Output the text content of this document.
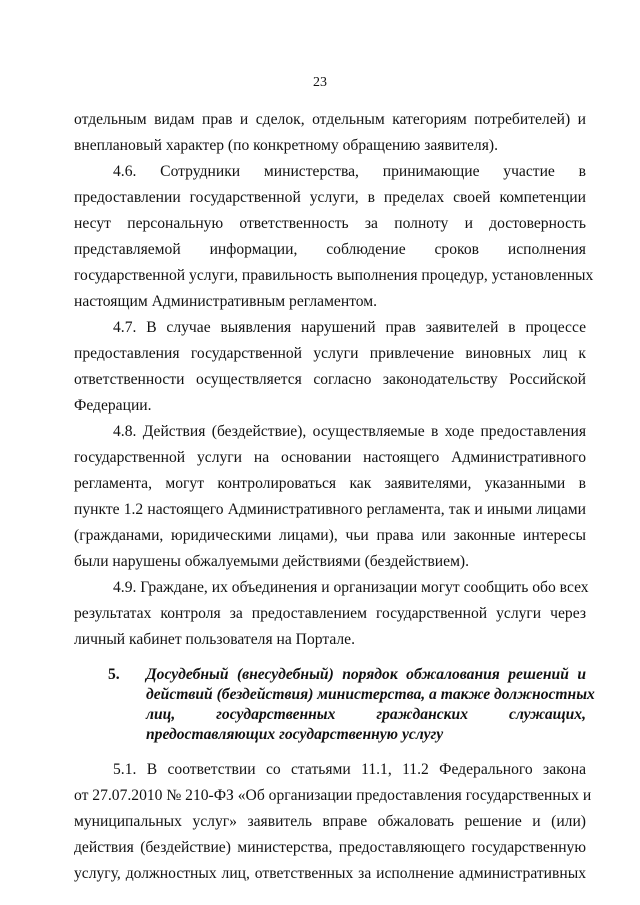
23
отдельным видам прав и сделок, отдельным категориям потребителей) и
внеплановый характер (по конкретному обращению заявителя).
4.6. Сотрудники министерства, принимающие участие в
предоставлении государственной услуги, в пределах своей компетенции
несут персональную ответственность за полноту и достоверность
представляемой информации, соблюдение сроков исполнения
государственной услуги, правильность выполнения процедур, установленных
настоящим Административным регламентом.
4.7. В случае выявления нарушений прав заявителей в процессе
предоставления государственной услуги привлечение виновных лиц к
ответственности осуществляется согласно законодательству Российской
Федерации.
4.8. Действия (бездействие), осуществляемые в ходе предоставления
государственной услуги на основании настоящего Административного
регламента, могут контролироваться как заявителями, указанными в
пункте 1.2 настоящего Административного регламента, так и иными лицами
(гражданами, юридическими лицами), чьи права или законные интересы
были нарушены обжалуемыми действиями (бездействием).
4.9. Граждане, их объединения и организации могут сообщить обо всех
результатах контроля за предоставлением государственной услуги через
личный кабинет пользователя на Портале.
5. Досудебный (внесудебный) порядок обжалования решений и
действий (бездействия) министерства, а также должностных
лиц, государственных гражданских служащих,
предоставляющих государственную услугу
5.1. В соответствии со статьями 11.1, 11.2 Федерального закона
от 27.07.2010 № 210-ФЗ «Об организации предоставления государственных и
муниципальных услуг» заявитель вправе обжаловать решение и (или)
действия (бездействие) министерства, предоставляющего государственную
услугу, должностных лиц, ответственных за исполнение административных
